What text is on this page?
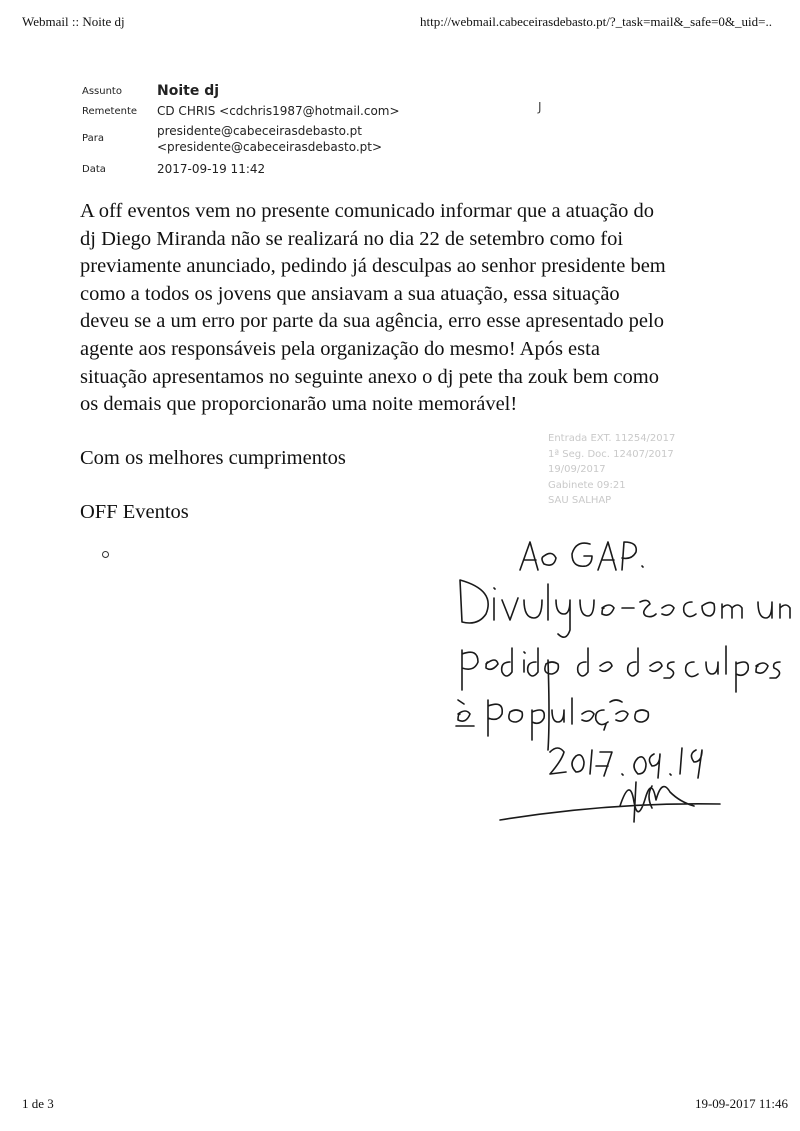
Webmail :: Noite dj	http://webmail.cabeceirasdebasto.pt/?_task=mail&_safe=0&_uid=..
Assunto	Noite dj
Remetente	CD CHRIS <cdchris1987@hotmail.com>
Para
presidente@cabeceirasdebasto.pt
<presidente@cabeceirasdebasto.pt>
Data	2017-09-19 11:42
J
A off eventos vem no presente comunicado informar que a atuação do
dj Diego Miranda não se realizará no dia 22 de setembro como foi
previamente anunciado, pedindo já desculpas ao senhor presidente bem
como a todos os jovens que ansiavam a sua atuação, essa situação
deveu se a um erro por parte da sua agência, erro esse apresentado pelo
agente aos responsáveis pela organização do mesmo! Após esta
situação apresentamos no seguinte anexo o dj pete tha zouk bem como
os demais que proporcionarão uma noite memorável!
Com os melhores cumprimentos
OFF Eventos
Entrada EXT. 11254/2017
1ª Seg. Doc. 12407/2017
19/09/2017
Gabinete 09:21
SAU SALHAP
1 de 3	19-09-2017 11:46
